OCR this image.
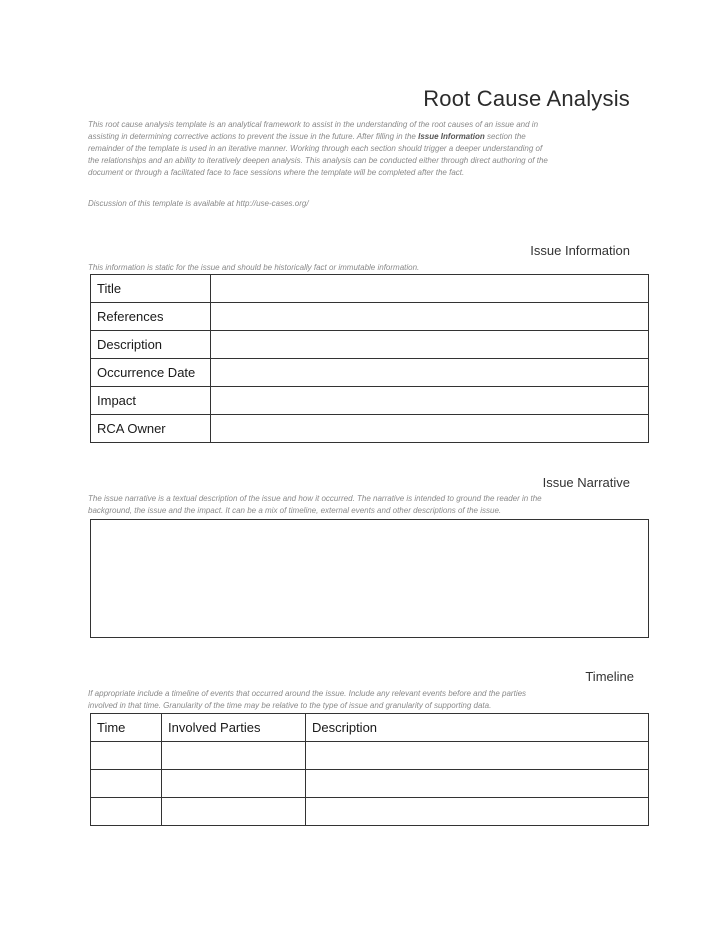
Root Cause Analysis
This root cause analysis template is an analytical framework to assist in the understanding of the root causes of an issue and in
assisting in determining corrective actions to prevent the issue in the future. After filling in the Issue Information section the
remainder of the template is used in an iterative manner. Working through each section should trigger a deeper understanding of
the relationships and an ability to iteratively deepen analysis. This analysis can be conducted either through direct authoring of the
document or through a facilitated face to face sessions where the template will be completed after the fact.
Discussion of this template is available at http://use-cases.org/
Issue Information
This information is static for the issue and should be historically fact or immutable information.
Title	
References	
Description	
Occurrence Date	
Impact	
RCA Owner	
Issue Narrative
The issue narrative is a textual description of the issue and how it occurred. The narrative is intended to ground the reader in the
background, the issue and the impact. It can be a mix of timeline, external events and other descriptions of the issue.
Timeline
If appropriate include a timeline of events that occurred around the issue. Include any relevant events before and the parties
involved in that time. Granularity of the time may be relative to the type of issue and granularity of supporting data.
Time	Involved Parties	Description
